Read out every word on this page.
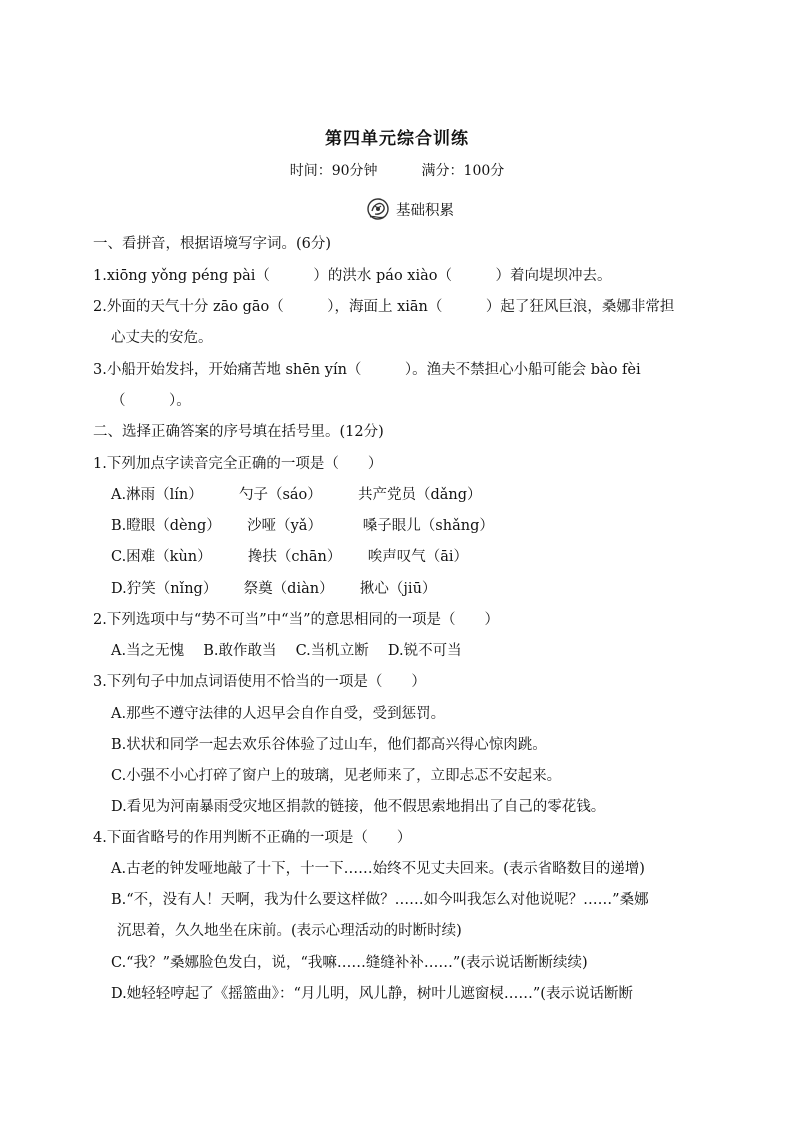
第四单元综合训练
时间：90分钟	满分：100分
基础积累
一、看拼音，根据语境写字词。(6分)
1.xiōng yǒng péng pài（　　　）的洪水 páo xiào（　　　）着向堤坝冲去。
2.外面的天气十分 zāo gāo（　　　），海面上 xiān（　　　）起了狂风巨浪，桑娜非常担
心丈夫的安危。
3.小船开始发抖，开始痛苦地 shēn yín（　　　）。渔夫不禁担心小船可能会 bào fèi
（　　　）。
二、选择正确答案的序号填在括号里。(12分)
1.下列加点字读音完全正确的一项是（　　）
A.淋雨（lín）　　　勺子（sáo）　　　共产党员（dǎng）
B.瞪眼（dèng）　　 沙哑（yǎ）　　　 嗓子眼儿（shǎng）
C.困难（kùn）　　　搀扶（chān）　　 唉声叹气（āi）
D.狞笑（nǐng）　　 祭奠（diàn）　　 揪心（jiū）
2.下列选项中与“势不可当”中“当”的意思相同的一项是（　　）
A.当之无愧　 B.敢作敢当　 C.当机立断　 D.锐不可当
3.下列句子中加点词语使用不恰当的一项是（　　）
A.那些不遵守法律的人迟早会自作自受，受到惩罚。
B.状状和同学一起去欢乐谷体验了过山车，他们都高兴得心惊肉跳。
C.小强不小心打碎了窗户上的玻璃，见老师来了，立即忐忑不安起来。
D.看见为河南暴雨受灾地区捐款的链接，他不假思索地捐出了自己的零花钱。
4.下面省略号的作用判断不正确的一项是（　　）
A.古老的钟发哑地敲了十下，十一下……始终不见丈夫回来。(表示省略数目的递增)
B.“不，没有人！天啊，我为什么要这样做？……如今叫我怎么对他说呢？……”桑娜
沉思着，久久地坐在床前。(表示心理活动的时断时续)
C.“我？”桑娜脸色发白，说，“我嘛……缝缝补补……”(表示说话断断续续)
D.她轻轻哼起了《摇篮曲》：“月儿明，风儿静，树叶儿遮窗棂……”(表示说话断断
